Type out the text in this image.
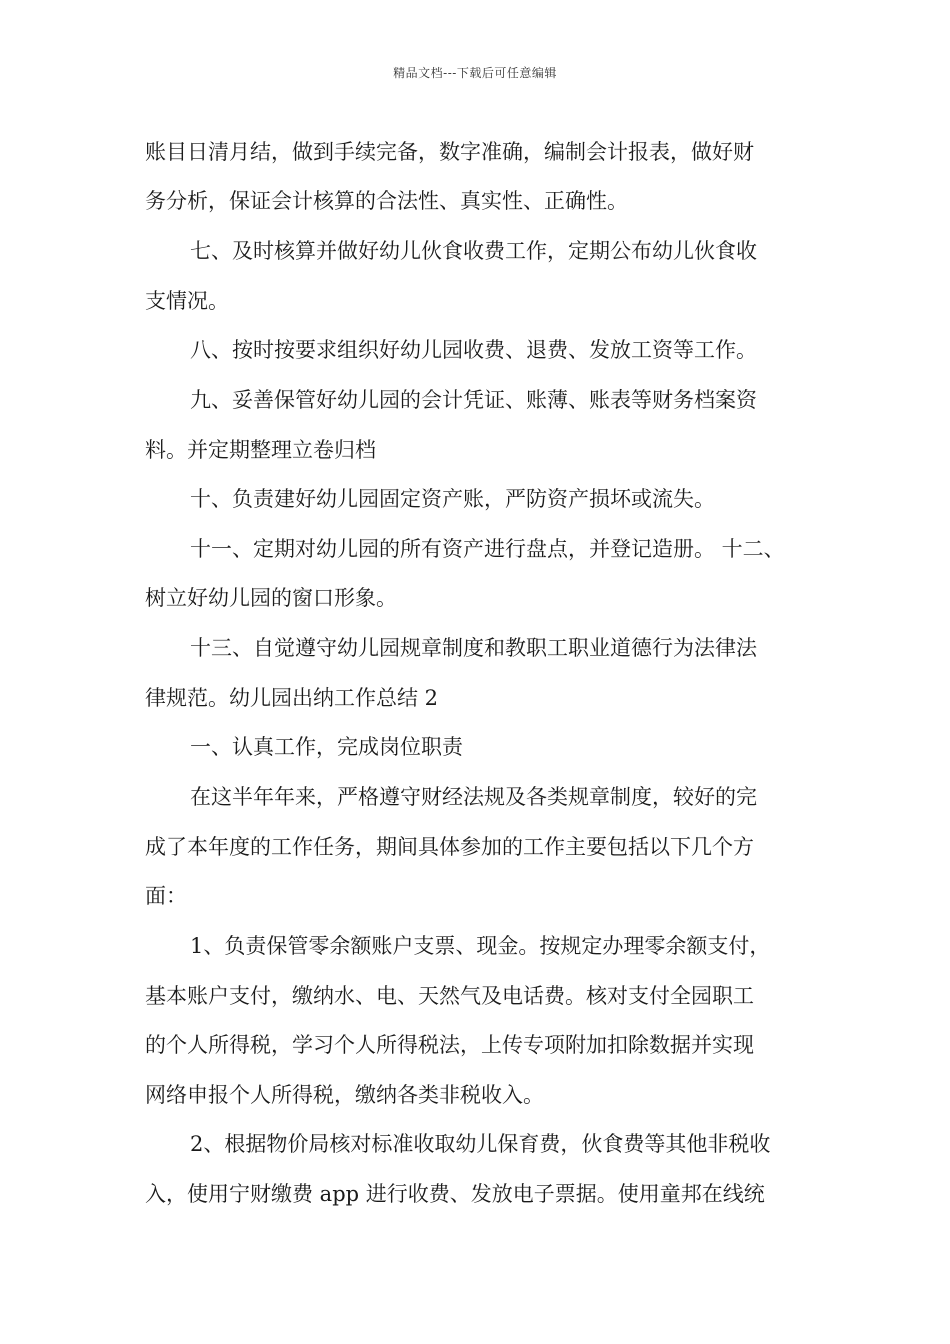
精品文档---下载后可任意编辑
账目日清月结，做到手续完备，数字准确，编制会计报表，做好财
务分析，保证会计核算的合法性、真实性、正确性。
七、及时核算并做好幼儿伙食收费工作，定期公布幼儿伙食收
支情况。
八、按时按要求组织好幼儿园收费、退费、发放工资等工作。
九、妥善保管好幼儿园的会计凭证、账薄、账表等财务档案资
料。并定期整理立卷归档
十、负责建好幼儿园固定资产账，严防资产损坏或流失。
十一、定期对幼儿园的所有资产进行盘点，并登记造册。 十二、
树立好幼儿园的窗口形象。
十三、自觉遵守幼儿园规章制度和教职工职业道德行为法律法
律规范。幼儿园出纳工作总结 2
一、认真工作，完成岗位职责
在这半年年来，严格遵守财经法规及各类规章制度，较好的完
成了本年度的工作任务，期间具体参加的工作主要包括以下几个方
面：
1、负责保管零余额账户支票、现金。按规定办理零余额支付，
基本账户支付，缴纳水、电、天然气及电话费。核对支付全园职工
的个人所得税，学习个人所得税法，上传专项附加扣除数据并实现
网络申报个人所得税，缴纳各类非税收入。
2、根据物价局核对标准收取幼儿保育费，伙食费等其他非税收
入，使用宁财缴费 app 进行收费、发放电子票据。使用童邦在线统
